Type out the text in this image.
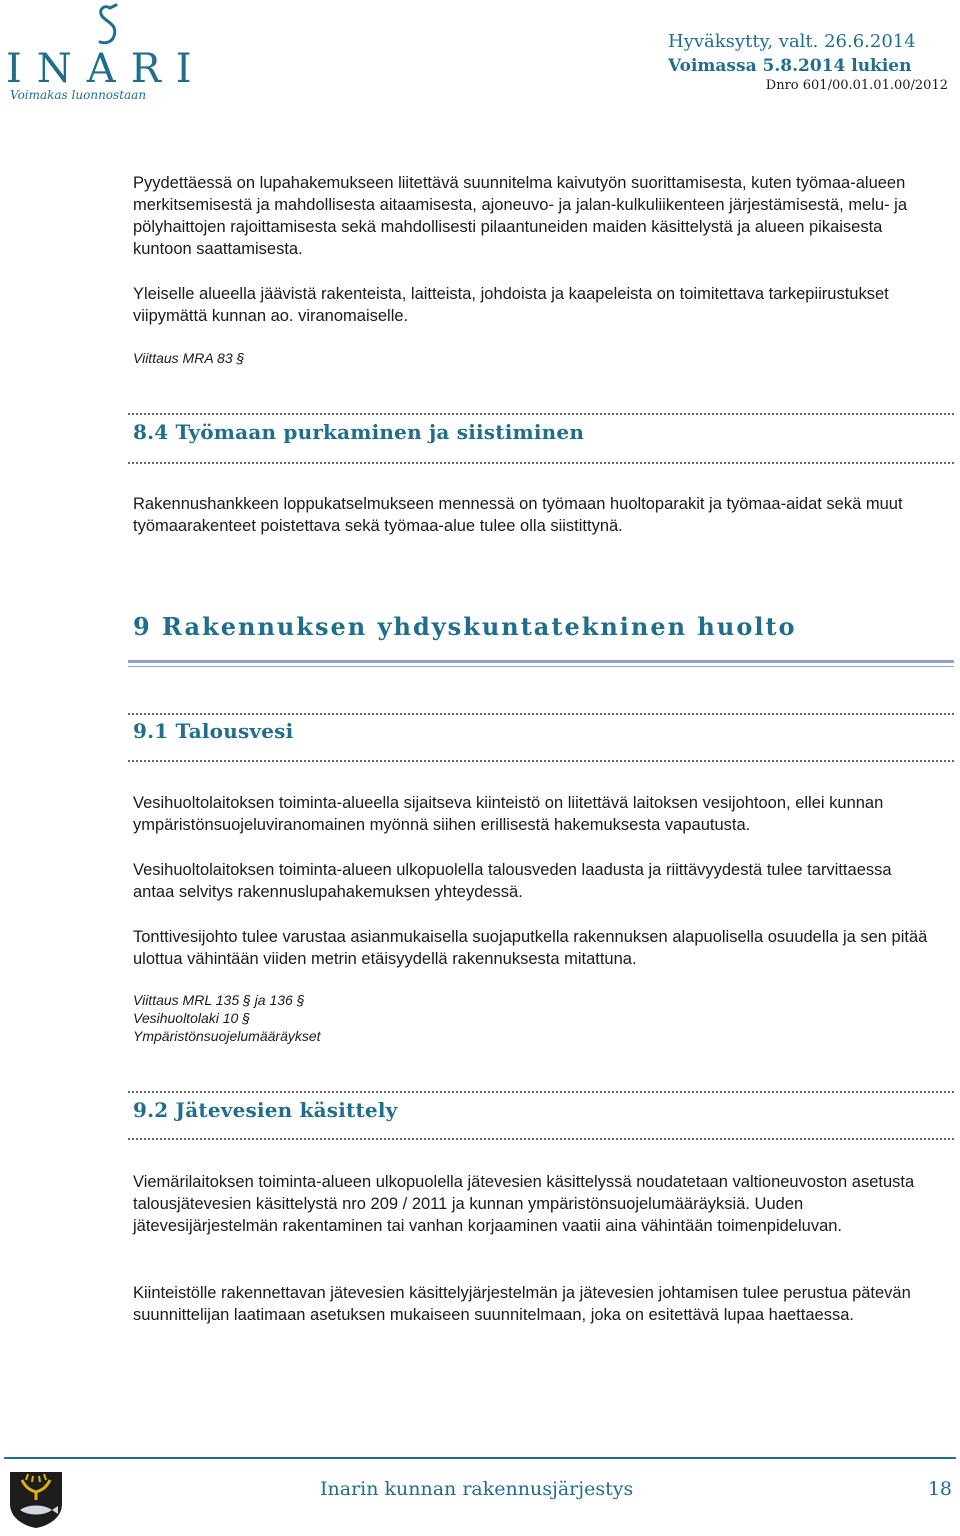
INARI
Voimakas luonnostaan
Hyväksytty, valt. 26.6.2014
Voimassa 5.8.2014 lukien
Dnro 601/00.01.01.00/2012

Pyydettäessä on lupahakemukseen liitettävä suunnitelma kaivutyön suorittamisesta, kuten työmaa-alueen merkitsemisestä ja mahdollisesta aitaamisesta, ajoneuvo- ja jalan-kulkuliikenteen järjestämisestä, melu- ja pölyhaittojen rajoittamisesta sekä mahdollisesti pilaantuneiden maiden käsittelystä ja alueen pikaisesta kuntoon saattamisesta.

Yleiselle alueella jäävistä rakenteista, laitteista, johdoista ja kaapeleista on toimitettava tarkepiirustukset viipymättä kunnan ao. viranomaiselle.

Viittaus MRA 83 §

8.4 Työmaan purkaminen ja siistiminen

Rakennushankkeen loppukatselmukseen mennessä on työmaan huoltoparakit ja työmaa-aidat sekä muut työmaarakenteet poistettava sekä työmaa-alue tulee olla siistittynä.

9 Rakennuksen yhdyskuntatekninen huolto
9.1 Talousvesi

Vesihuoltolaitoksen toiminta-alueella sijaitseva kiinteistö on liitettävä laitoksen vesijohtoon, ellei kunnan ympäristönsuojeluviranomainen myönnä siihen erillisestä hakemuksesta vapautusta.

Vesihuoltolaitoksen toiminta-alueen ulkopuolella talousveden laadusta ja riittävyydestä tulee tarvittaessa antaa selvitys rakennuslupahakemuksen yhteydessä.

Tonttivesijohto tulee varustaa asianmukaisella suojaputkella rakennuksen alapuolisella osuudella ja sen pitää ulottua vähintään viiden metrin etäisyydellä rakennuksesta mitattuna.

Viittaus MRL 135 § ja 136 §

Vesihuoltolaki 10 §

Ympäristönsuojelumääräykset

9.2 Jätevesien käsittely

Viemärilaitoksen toiminta-alueen ulkopuolella jätevesien käsittelyssä noudatetaan valtioneuvoston asetusta talousjätevesien käsittelystä nro 209 / 2011 ja kunnan ympäristönsuojelumääräyksiä. Uuden jätevesijärjestelmän rakentaminen tai vanhan korjaaminen vaatii aina vähintään toimenpideluvan.

Kiinteistölle rakennettavan jätevesien käsittelyjärjestelmän ja jätevesien johtamisen tulee perustua pätevän suunnittelijan laatimaan asetuksen mukaiseen suunnitelmaan, joka on esitettävä lupaa haettaessa.

Inarin kunnan rakennusjärjestys	18
